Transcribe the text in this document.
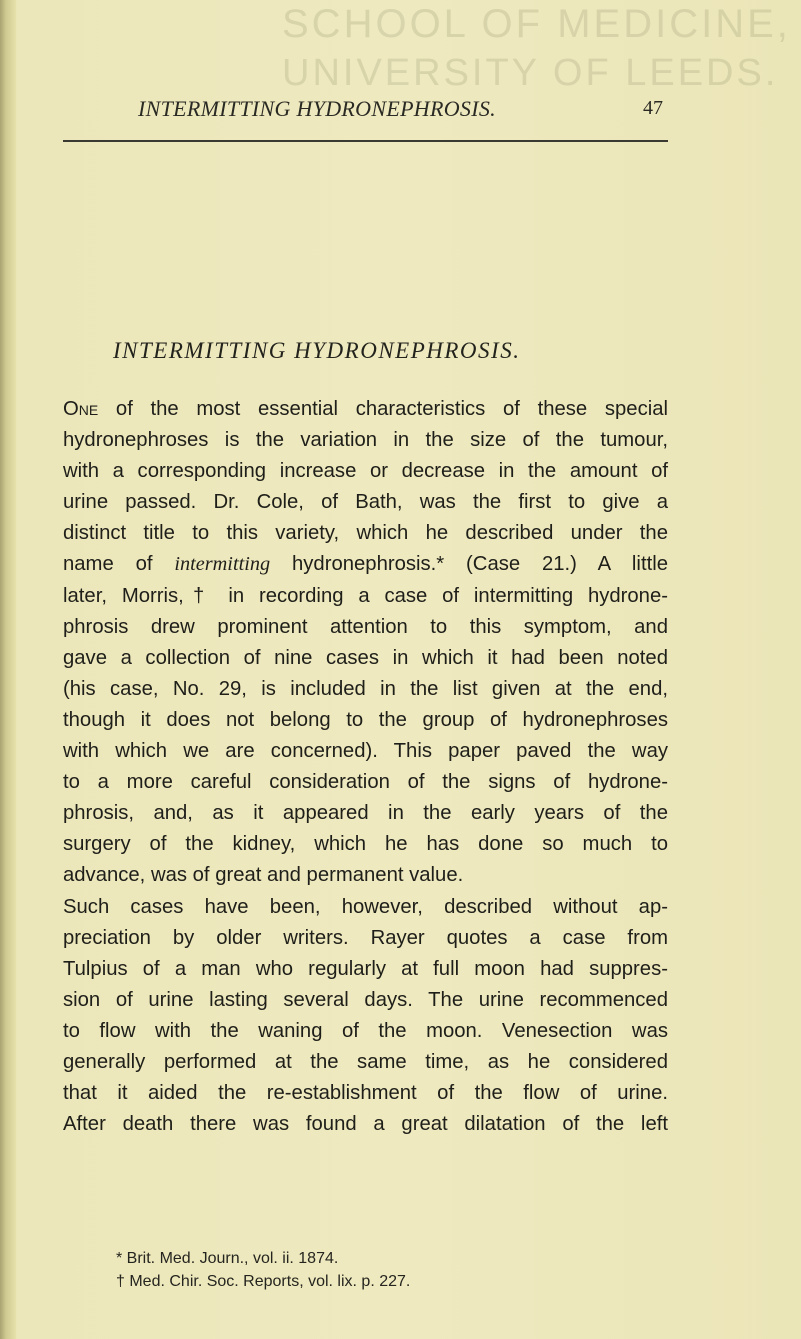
SCHOOL OF MEDICINE,
UNIVERSITY OF LEEDS.
INTERMITTING HYDRONEPHROSIS.	47
INTERMITTING HYDRONEPHROSIS.
One of the most essential characteristics of these special
hydronephroses is the variation in the size of the tumour,
with a corresponding increase or decrease in the amount of
urine passed. Dr. Cole, of Bath, was the first to give a
distinct title to this variety, which he described under the
name of intermitting hydronephrosis.* (Case 21.) A little
later, Morris,† in recording a case of intermitting hydrone-
phrosis drew prominent attention to this symptom, and
gave a collection of nine cases in which it had been noted
(his case, No. 29, is included in the list given at the end,
though it does not belong to the group of hydronephroses
with which we are concerned). This paper paved the way
to a more careful consideration of the signs of hydrone-
phrosis, and, as it appeared in the early years of the
surgery of the kidney, which he has done so much to
advance, was of great and permanent value.
Such cases have been, however, described without ap-
preciation by older writers. Rayer quotes a case from
Tulpius of a man who regularly at full moon had suppres-
sion of urine lasting several days. The urine recommenced
to flow with the waning of the moon. Venesection was
generally performed at the same time, as he considered
that it aided the re-establishment of the flow of urine.
After death there was found a great dilatation of the left
* Brit. Med. Journ., vol. ii. 1874.
† Med. Chir. Soc. Reports, vol. lix. p. 227.
